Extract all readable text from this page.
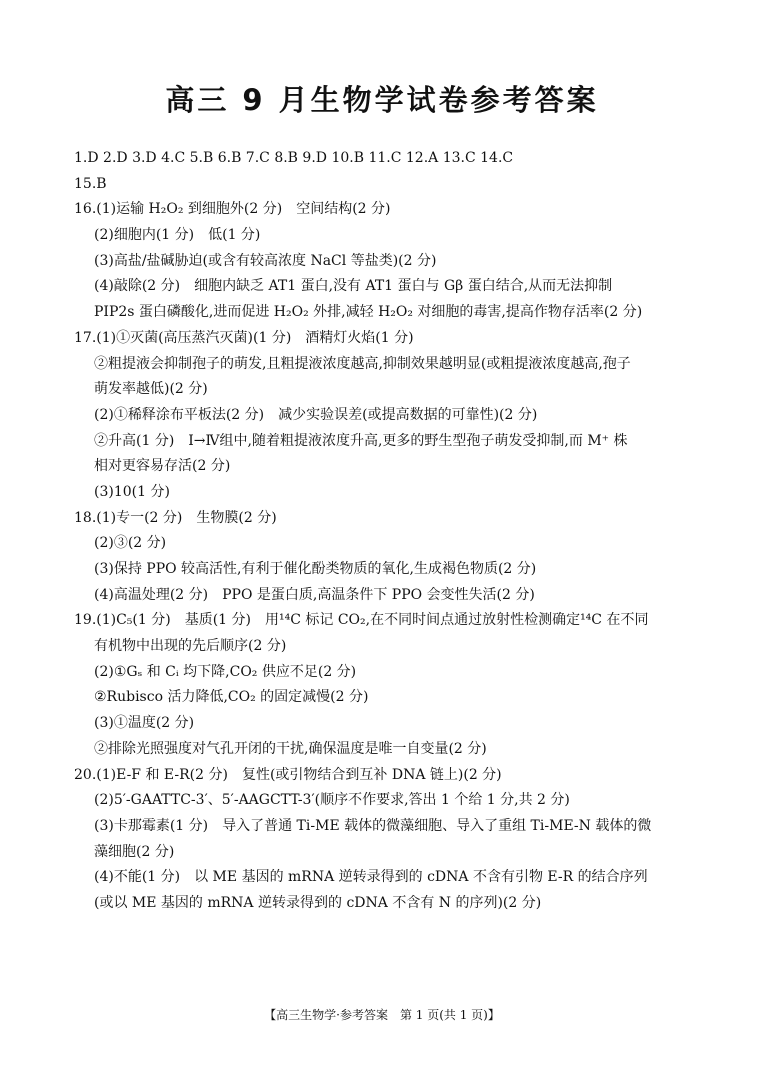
高三 9 月生物学试卷参考答案
1.D 2.D 3.D 4.C 5.B 6.B 7.C 8.B 9.D 10.B 11.C 12.A 13.C 14.C
15.B
16.(1)运输 H₂O₂ 到细胞外(2 分)　空间结构(2 分)
(2)细胞内(1 分)　低(1 分)
(3)高盐/盐碱胁迫(或含有较高浓度 NaCl 等盐类)(2 分)
(4)敲除(2 分)　细胞内缺乏 AT1 蛋白,没有 AT1 蛋白与 Gβ 蛋白结合,从而无法抑制
PIP2s 蛋白磷酸化,进而促进 H₂O₂ 外排,减轻 H₂O₂ 对细胞的毒害,提高作物存活率(2 分)
17.(1)①灭菌(高压蒸汽灭菌)(1 分)　酒精灯火焰(1 分)
②粗提液会抑制孢子的萌发,且粗提液浓度越高,抑制效果越明显(或粗提液浓度越高,孢子
萌发率越低)(2 分)
(2)①稀释涂布平板法(2 分)　减少实验误差(或提高数据的可靠性)(2 分)
②升高(1 分)　Ⅰ→Ⅳ组中,随着粗提液浓度升高,更多的野生型孢子萌发受抑制,而 M⁺ 株
相对更容易存活(2 分)
(3)10(1 分)
18.(1)专一(2 分)　生物膜(2 分)
(2)③(2 分)
(3)保持 PPO 较高活性,有利于催化酚类物质的氧化,生成褐色物质(2 分)
(4)高温处理(2 分)　PPO 是蛋白质,高温条件下 PPO 会变性失活(2 分)
19.(1)C₅(1 分)　基质(1 分)　用¹⁴C 标记 CO₂,在不同时间点通过放射性检测确定¹⁴C 在不同
有机物中出现的先后顺序(2 分)
(2)①Gₛ 和 Cᵢ 均下降,CO₂ 供应不足(2 分)
②Rubisco 活力降低,CO₂ 的固定减慢(2 分)
(3)①温度(2 分)
②排除光照强度对气孔开闭的干扰,确保温度是唯一自变量(2 分)
20.(1)E-F 和 E-R(2 分)　复性(或引物结合到互补 DNA 链上)(2 分)
(2)5′-GAATTC-3′、5′-AAGCTT-3′(顺序不作要求,答出 1 个给 1 分,共 2 分)
(3)卡那霉素(1 分)　导入了普通 Ti-ME 载体的微藻细胞、导入了重组 Ti-ME-N 载体的微
藻细胞(2 分)
(4)不能(1 分)　以 ME 基因的 mRNA 逆转录得到的 cDNA 不含有引物 E-R 的结合序列
(或以 ME 基因的 mRNA 逆转录得到的 cDNA 不含有 N 的序列)(2 分)
【高三生物学·参考答案　第 1 页(共 1 页)】
